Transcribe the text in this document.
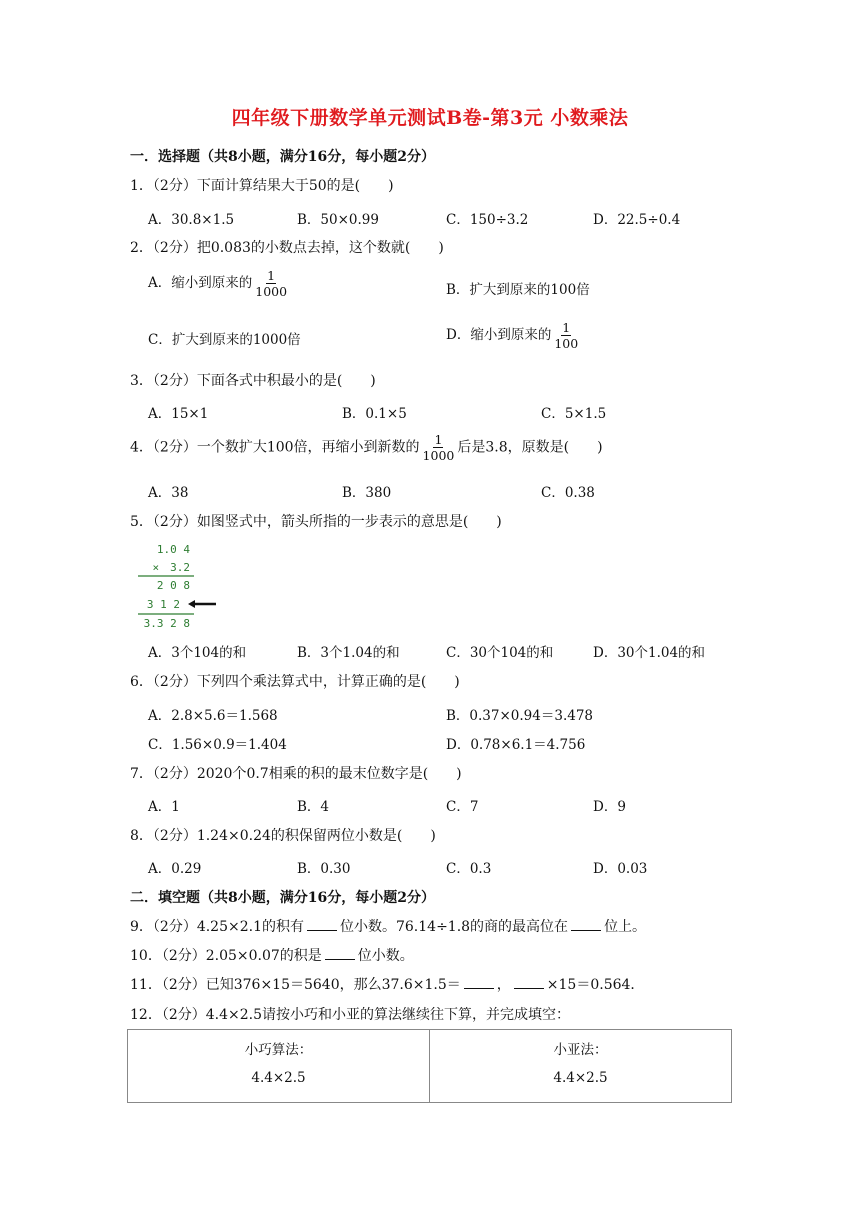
四年级下册数学单元测试B卷-第3元 小数乘法
一．选择题（共8小题，满分16分，每小题2分）
1．（2分）下面计算结果大于50的是(　　)
A．30.8×1.5	B．50×0.99	C．150÷3.2	D．22.5÷0.4
2．（2分）把0.083的小数点去掉，这个数就(　　)
A．缩小到原来的 $\frac{1}{1000}$	B．扩大到原来的100倍
C．扩大到原来的1000倍	D．缩小到原来的 $\frac{1}{100}$
3．（2分）下面各式中积最小的是(　　)
A．15×1	B．0.1×5	C．5×1.5
4．（2分）一个数扩大100倍，再缩小到新数的 $\frac{1}{1000}$ 后是3.8，原数是(　　)
A．38	B．380	C．0.38
5．（2分）如图竖式中，箭头所指的一步表示的意思是(　　)
1.0 4
×　3.2
2 0 8
3 1 2
3.3 2 8
A．3个104的和	B．3个1.04的和	C．30个104的和	D．30个1.04的和
6．（2分）下列四个乘法算式中，计算正确的是(　　)
A．2.8×5.6＝1.568	B．0.37×0.94＝3.478
C．1.56×0.9＝1.404	D．0.78×6.1＝4.756
7．（2分）2020个0.7相乘的积的最末位数字是(　　)
A．1	B．4	C．7	D．9
8．（2分）1.24×0.24的积保留两位小数是(　　)
A．0.29	B．0.30	C．0.3	D．0.03
二．填空题（共8小题，满分16分，每小题2分）
9．（2分）4.25×2.1的积有	位小数。76.14÷1.8的商的最高位在	位上。
10．（2分）2.05×0.07的积是	位小数。
11．（2分）已知376×15＝5640，那么37.6×1.5＝	，	×15＝0.564．
12．（2分）4.4×2.5请按小巧和小亚的算法继续往下算，并完成填空：
小巧算法：
4.4×2.5

小亚法：
4.4×2.5
